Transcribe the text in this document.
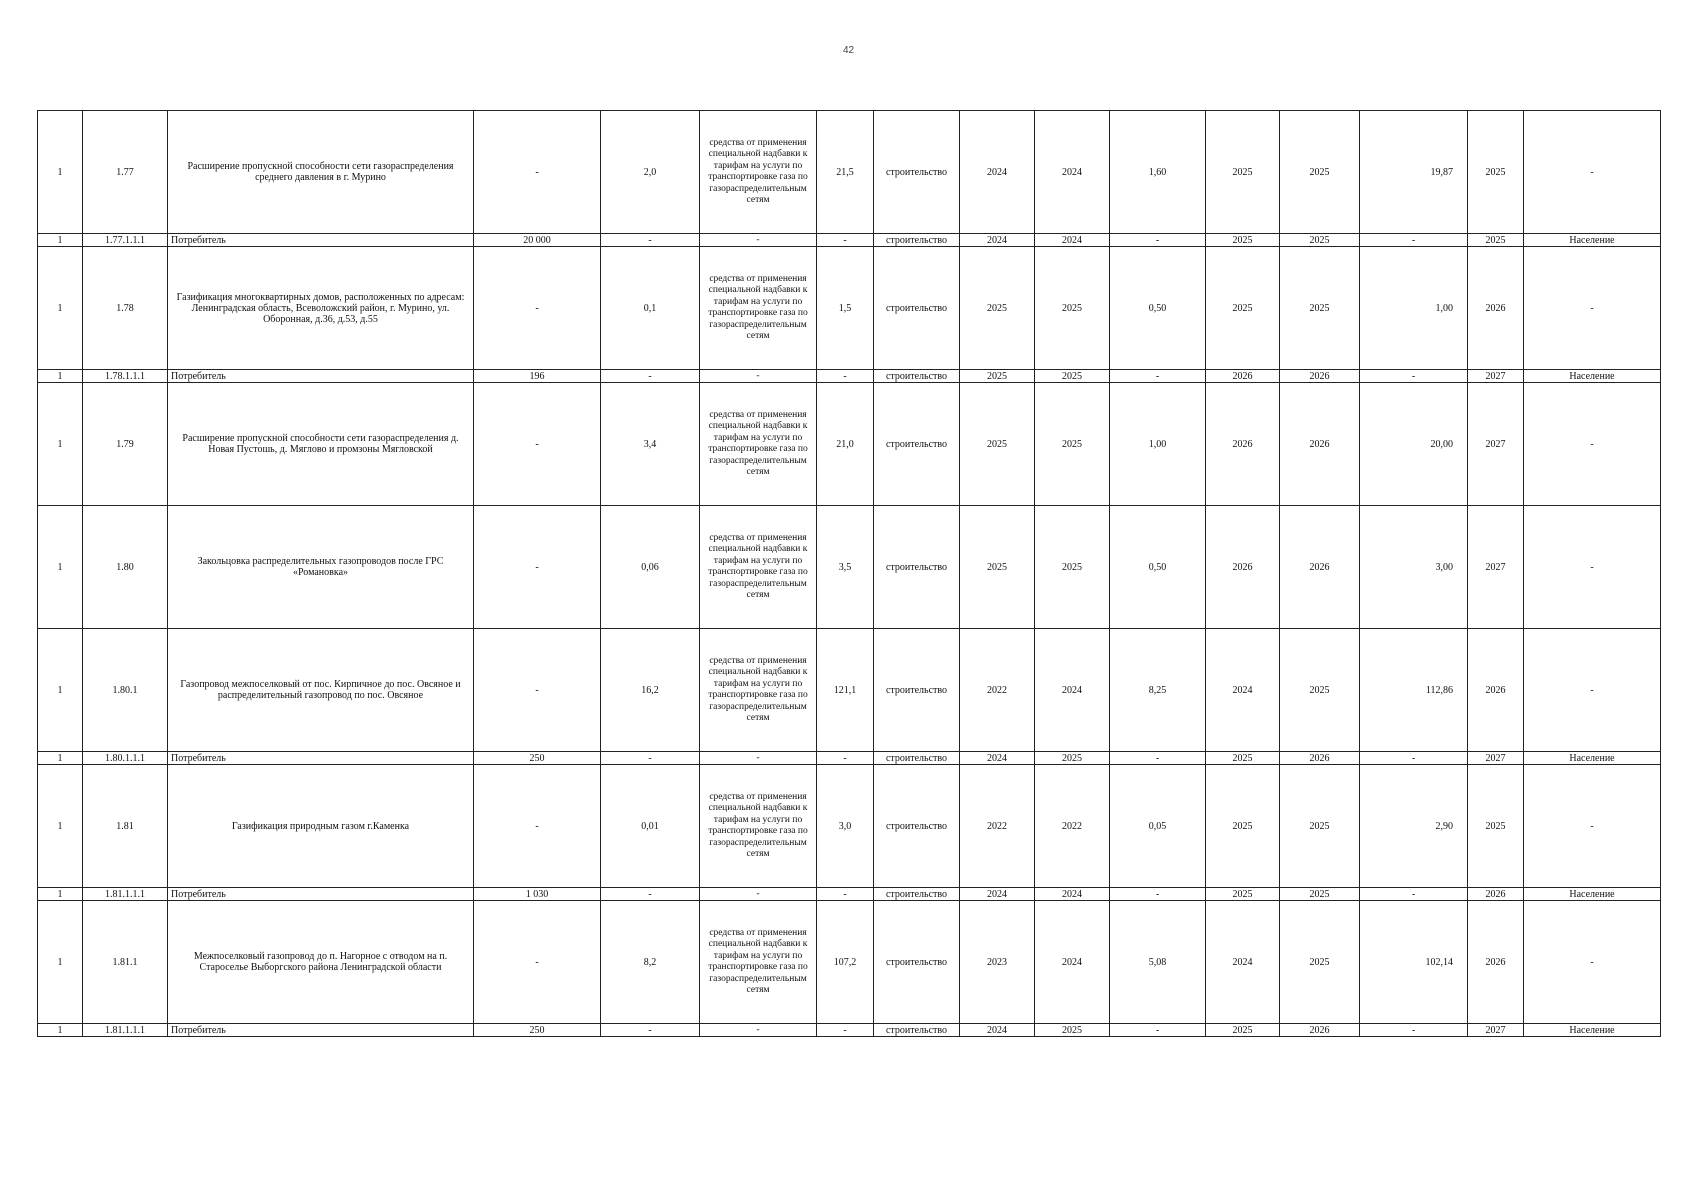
42
1	1.77	Расширение пропускной способности сети газораспределения среднего давления в г. Мурино	-	2,0	средства от применения специальной надбавки к тарифам на услуги по транспортировке газа по газораспределительным сетям	21,5	строительство	2024	2024	1,60	2025	2025	19,87	2025	-
1	1.77.1.1.1	Потребитель	20 000	-	-	-	строительство	2024	2024	-	2025	2025	-	2025	Население
1	1.78	Газификация многоквартирных домов, расположенных по адресам: Ленинградская область, Всеволожский район, г. Мурино, ул. Оборонная, д.36, д.53, д.55	-	0,1	средства от применения специальной надбавки к тарифам на услуги по транспортировке газа по газораспределительным сетям	1,5	строительство	2025	2025	0,50	2025	2025	1,00	2026	-
1	1.78.1.1.1	Потребитель	196	-	-	-	строительство	2025	2025	-	2026	2026	-	2027	Население
1	1.79	Расширение пропускной способности сети газораспределения д. Новая Пустошь, д. Мяглово и промзоны Мягловской	-	3,4	средства от применения специальной надбавки к тарифам на услуги по транспортировке газа по газораспределительным сетям	21,0	строительство	2025	2025	1,00	2026	2026	20,00	2027	-
1	1.80	Закольцовка распределительных газопроводов после ГРС «Романовка»	-	0,06	средства от применения специальной надбавки к тарифам на услуги по транспортировке газа по газораспределительным сетям	3,5	строительство	2025	2025	0,50	2026	2026	3,00	2027	-
1	1.80.1	Газопровод межпоселковый от пос. Кирпичное до пос. Овсяное и распределительный газопровод по пос. Овсяное	-	16,2	средства от применения специальной надбавки к тарифам на услуги по транспортировке газа по газораспределительным сетям	121,1	строительство	2022	2024	8,25	2024	2025	112,86	2026	-
1	1.80.1.1.1	Потребитель	250	-	-	-	строительство	2024	2025	-	2025	2026	-	2027	Население
1	1.81	Газификация природным газом г.Каменка	-	0,01	средства от применения специальной надбавки к тарифам на услуги по транспортировке газа по газораспределительным сетям	3,0	строительство	2022	2022	0,05	2025	2025	2,90	2025	-
1	1.81.1.1.1	Потребитель	1 030	-	-	-	строительство	2024	2024	-	2025	2025	-	2026	Население
1	1.81.1	Межпоселковый газопровод до п. Нагорное с отводом на п. Староселье Выборгского района Ленинградской области	-	8,2	средства от применения специальной надбавки к тарифам на услуги по транспортировке газа по газораспределительным сетям	107,2	строительство	2023	2024	5,08	2024	2025	102,14	2026	-
1	1.81.1.1.1	Потребитель	250	-	-	-	строительство	2024	2025	-	2025	2026	-	2027	Население
